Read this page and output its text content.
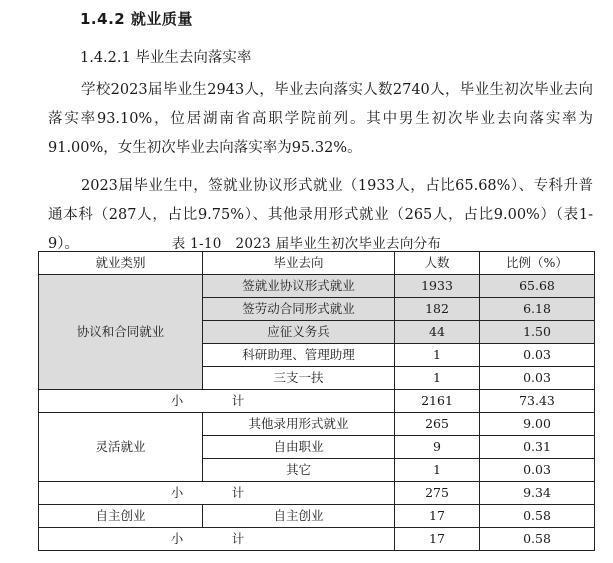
1.4.2 就业质量
1.4.2.1 毕业生去向落实率
学校2023届毕业生2943人，毕业去向落实人数2740人，毕业生初次毕业去向落实率93.10%，位居湖南省高职学院前列。其中男生初次毕业去向落实率为91.00%，女生初次毕业去向落实率为95.32%。
2023届毕业生中，签就业协议形式就业（1933人，占比65.68%）、专科升普通本科（287人，占比9.75%）、其他录用形式就业（265人，占比9.00%）（表1-9）。	表 1-10　2023 届毕业生初次毕业去向分布
就业类别	毕业去向	人数	比例（%）
协议和合同就业	签就业协议形式就业	1933	65.68
	签劳动合同形式就业	182	6.18
	应征义务兵	44	1.50
	科研助理、管理助理	1	0.03
	三支一扶	1	0.03
小　计		2161	73.43
灵活就业	其他录用形式就业	265	9.00
	自由职业	9	0.31
	其它	1	0.03
小　计		275	9.34
自主创业	自主创业	17	0.58
小　计		17	0.58
